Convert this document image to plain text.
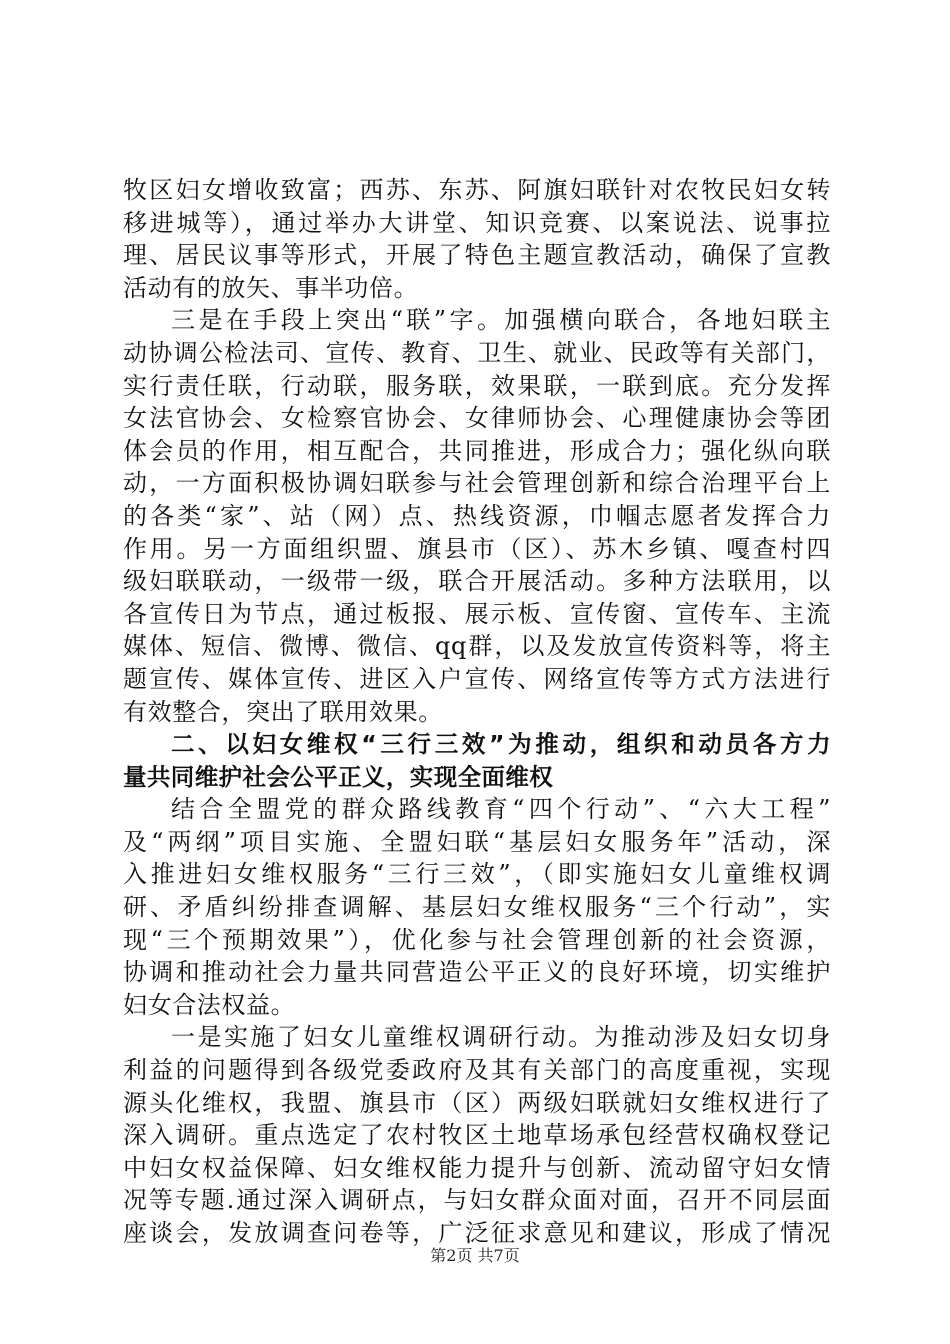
牧区妇女增收致富；西苏、东苏、阿旗妇联针对农牧民妇女转
移进城等），通过举办大讲堂、知识竞赛、以案说法、说事拉
理、居民议事等形式，开展了特色主题宣教活动，确保了宣教
活动有的放矢、事半功倍。
三是在手段上突出“联”字。加强横向联合，各地妇联主
动协调公检法司、宣传、教育、卫生、就业、民政等有关部门，
实行责任联，行动联，服务联，效果联，一联到底。充分发挥
女法官协会、女检察官协会、女律师协会、心理健康协会等团
体会员的作用，相互配合，共同推进，形成合力；强化纵向联
动，一方面积极协调妇联参与社会管理创新和综合治理平台上
的各类“家”、站（网）点、热线资源，巾帼志愿者发挥合力
作用。另一方面组织盟、旗县市（区）、苏木乡镇、嘎查村四
级妇联联动，一级带一级，联合开展活动。多种方法联用，以
各宣传日为节点，通过板报、展示板、宣传窗、宣传车、主流
媒体、短信、微博、微信、qq群，以及发放宣传资料等，将主
题宣传、媒体宣传、进区入户宣传、网络宣传等方式方法进行
有效整合，突出了联用效果。
二、以妇女维权“三行三效”为推动，组织和动员各方力
量共同维护社会公平正义，实现全面维权
结合全盟党的群众路线教育“四个行动”、“六大工程”
及“两纲”项目实施、全盟妇联“基层妇女服务年”活动，深
入推进妇女维权服务“三行三效”，（即实施妇女儿童维权调
研、矛盾纠纷排查调解、基层妇女维权服务“三个行动”，实
现“三个预期效果”），优化参与社会管理创新的社会资源，
协调和推动社会力量共同营造公平正义的良好环境，切实维护
妇女合法权益。
一是实施了妇女儿童维权调研行动。为推动涉及妇女切身
利益的问题得到各级党委政府及其有关部门的高度重视，实现
源头化维权，我盟、旗县市（区）两级妇联就妇女维权进行了
深入调研。重点选定了农村牧区土地草场承包经营权确权登记
中妇女权益保障、妇女维权能力提升与创新、流动留守妇女情
况等专题.通过深入调研点，与妇女群众面对面，召开不同层面
座谈会，发放调查问卷等，广泛征求意见和建议，形成了情况
第2页 共7页
